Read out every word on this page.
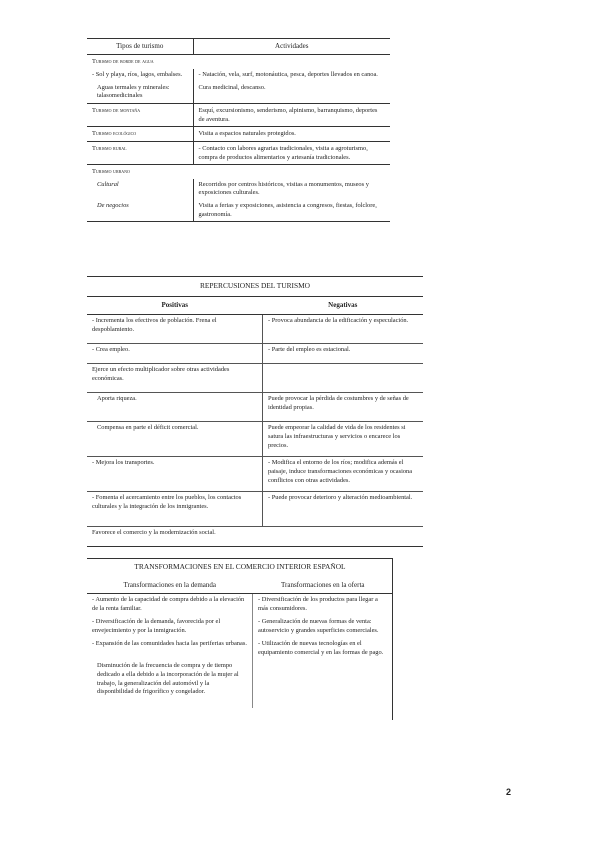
Tipos de turismo	Actividades
Turismo de borde de agua	
- Sol y playa, ríos, lagos, embalses.	- Natación, vela, surf, motonáutica, pesca, deportes llevados en canoa.
Aguas termales y minerales: talasomedicinales	Cura medicinal, descanso.
Turismo de montaña	Esquí, excursionismo, senderismo, alpinismo, barranquismo, deportes de aventura.
Turismo ecológico	Visita a espacios naturales protegidos.
Turismo rural	- Contacto con labores agrarias tradicionales, visita a agroturismo, compra de productos alimentarios y artesanía tradicionales.
Turismo urbano	
Cultural	Recorridos por centros históricos, visitas a monumentos, museos y exposiciones culturales.
De negocios	Visita a ferias y exposiciones, asistencia a congresos, fiestas, folclore, gastronomía.
REPERCUSIONES DEL TURISMO
Positivas	Negativas
- Incrementa los efectivos de población. Frena el despoblamiento.	- Provoca abundancia de la edificación y especulación.
- Crea empleo.	- Parte del empleo es estacional.
Ejerce un efecto multiplicador sobre otras actividades económicas.	
Aporta riqueza.	Puede provocar la pérdida de costumbres y de señas de identidad propias.
Compensa en parte el déficit comercial.	Puede empeorar la calidad de vida de los residentes si satura las infraestructuras y servicios o encarece los precios.
- Mejora los transportes.	- Modifica el entorno de los ríos; modifica además el paisaje, induce transformaciones económicas y ocasiona conflictos con otras actividades.
- Fomenta el acercamiento entre los pueblos, los contactos culturales y la integración de los inmigrantes.	- Puede provocar deterioro y alteración medioambiental.
Favorece el comercio y la modernización social.	
TRANSFORMACIONES EN EL COMERCIO INTERIOR ESPAÑOL
Transformaciones en la demanda	Transformaciones en la oferta
- Aumento de la capacidad de compra debido a la elevación de la renta familiar.	- Diversificación de los productos para llegar a más consumidores.
- Diversificación de la demanda, favorecida por el envejecimiento y por la inmigración.	- Generalización de nuevas formas de venta: autoservicio y grandes superficies comerciales.
- Expansión de las comunidades hacia las periferias urbanas.	- Utilización de nuevas tecnologías en el equipamiento comercial y en las formas de pago.
Disminución de la frecuencia de compra y de tiempo dedicado a ella debido a la incorporación de la mujer al trabajo, la generalización del automóvil y la disponibilidad de frigorífico y congelador.	
2
